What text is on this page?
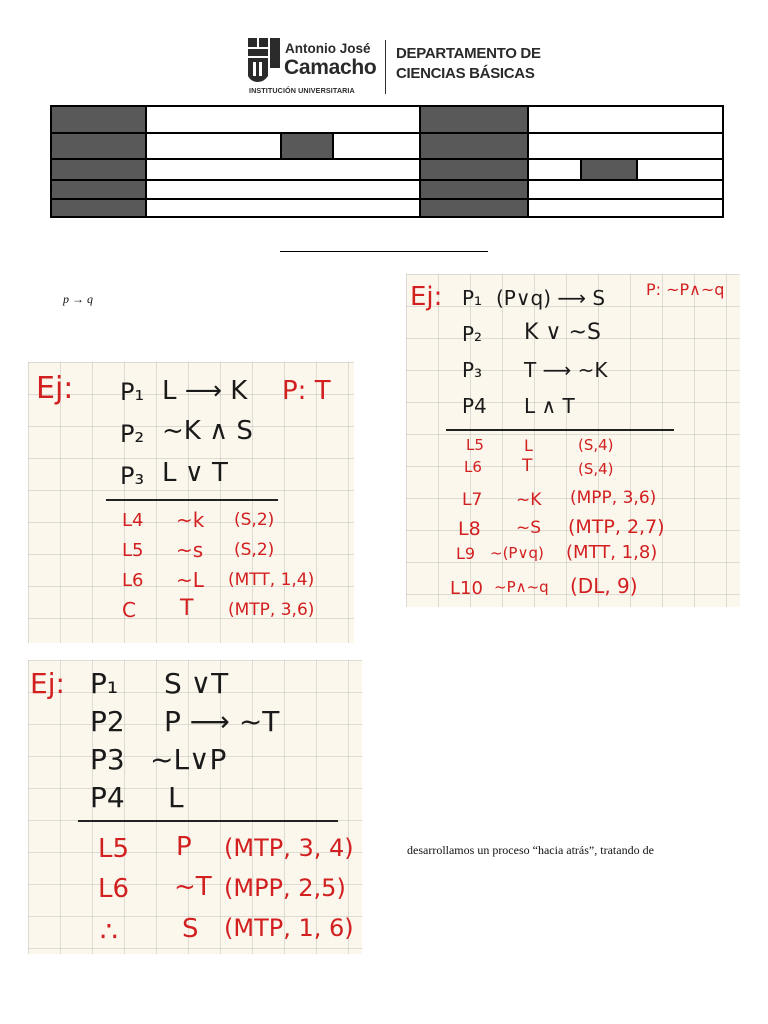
Antonio José
Camacho
INSTITUCIÓN UNIVERSITARIA
DEPARTAMENTO DE
CIENCIAS BÁSICAS
p → q
Ej: P₁ L ⟶ K P: T
P₂ ~K ∧ S
P₃ L ∨ T
L4 ~k (S,2)
L5 ~s (S,2)
L6 ~L (MTT, 1,4)
C T (MTP, 3,6)
Ej: P₁ (P∨q) ⟶ S	P: ~P∧~q
P₂ K ∨ ~S
P₃ T ⟶ ~K
P4 L ∧ T
L5	L	(S,4)
L6 T	(S,4)
L7 ~K (MPP, 3,6)
L8 ~S (MTP, 2,7)
L9 ~(P∨q) (MTT, 1,8)
L10 ~P∧~q (DL, 9)
Ej: P₁ S ∨T
P2 P ⟶ ~T
P3 ~L∨P
P4 L
L5 P (MTP, 3, 4)
L6 ~T (MPP, 2,5)
∴ S (MTP, 1, 6)
desarrollamos un proceso “hacia atrás”, tratando de
